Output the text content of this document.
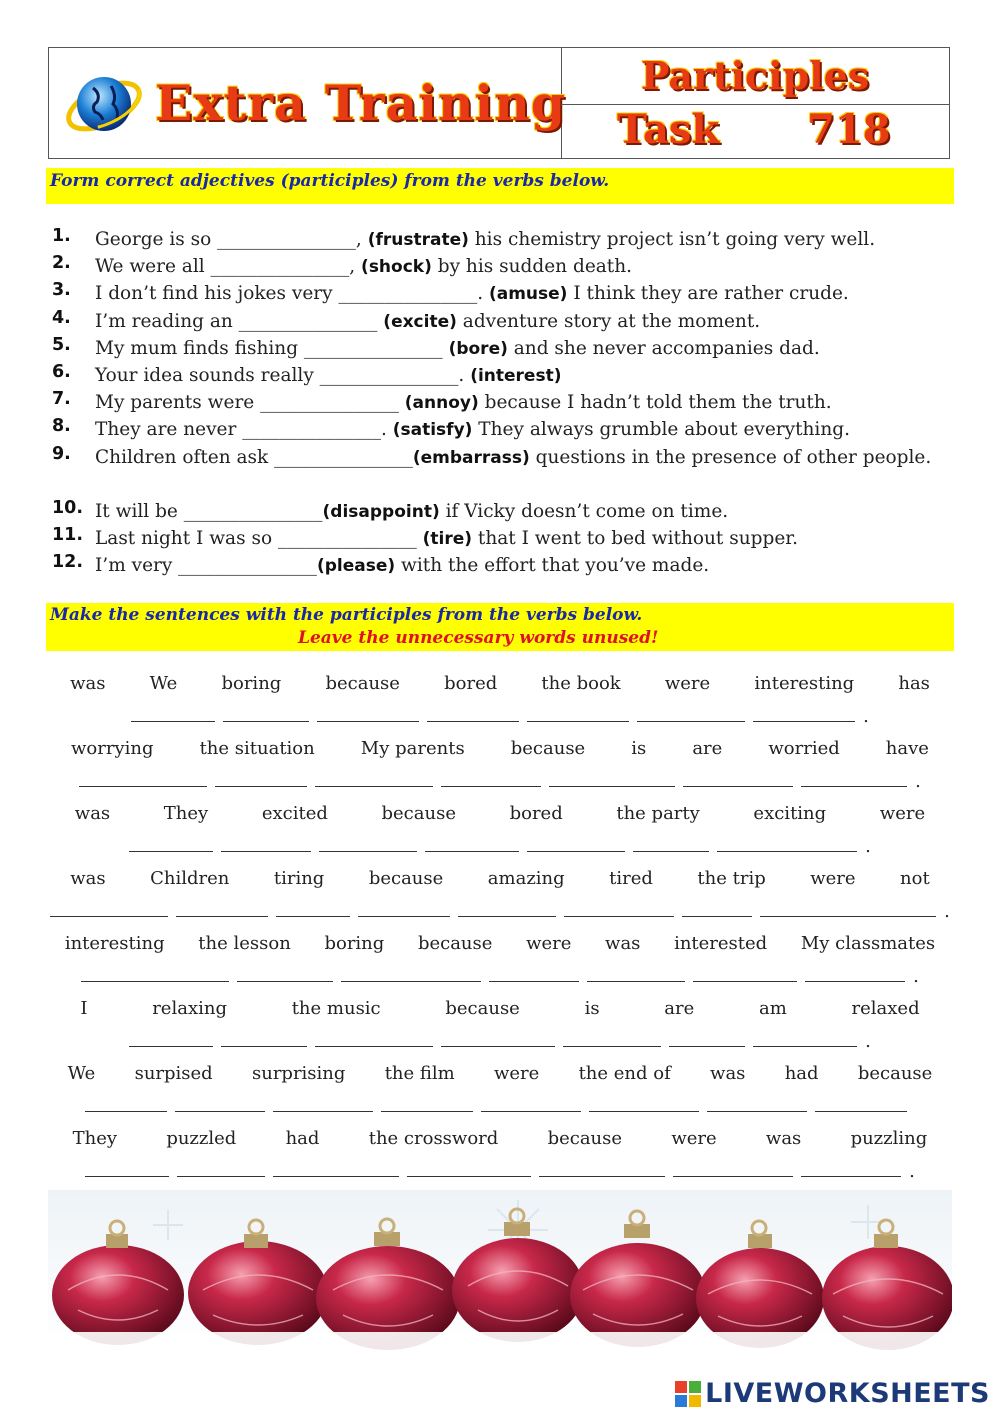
Extra Training	Participles
Task 718
Form correct adjectives (participles) from the verbs below.
1.	George is so _______________, (frustrate) his chemistry project isn’t going very well.
2.	We were all _______________, (shock) by his sudden death.
3.	I don’t find his jokes very _______________. (amuse) I think they are rather crude.
4.	I’m reading an _______________ (excite) adventure story at the moment.
5.	My mum finds fishing _______________ (bore) and she never accompanies dad.
6.	Your idea sounds really _______________. (interest)
7.	My parents were _______________ (annoy) because I hadn’t told them the truth.
8.	They are never _______________. (satisfy) They always grumble about everything.
9.	Children often ask _______________(embarrass) questions in the presence of other people.
10. It will be _______________(disappoint) if Vicky doesn’t come on time.
11. Last night I was so _______________ (tire) that I went to bed without supper.
12. I’m very _______________(please) with the effort that you’ve made.
Make the sentences with the participles from the verbs below.
Leave the unnecessary words unused!
was We boring because bored the book were interesting has
.
worrying	the situation	My parents	because	is	are	worried	have
.
was	They	excited	because	bored	the party	exciting	were
.
was Children tiring because amazing tired the trip were not
.
interesting the lesson boring because were was interested My classmates
.
I	relaxing	the music	because	is	are	am	relaxed
.
We surpised surprising the film were the end of was had because
They	puzzled	had	the crossword	because	were	was	puzzling
.
LIVEWORKSHEETS
